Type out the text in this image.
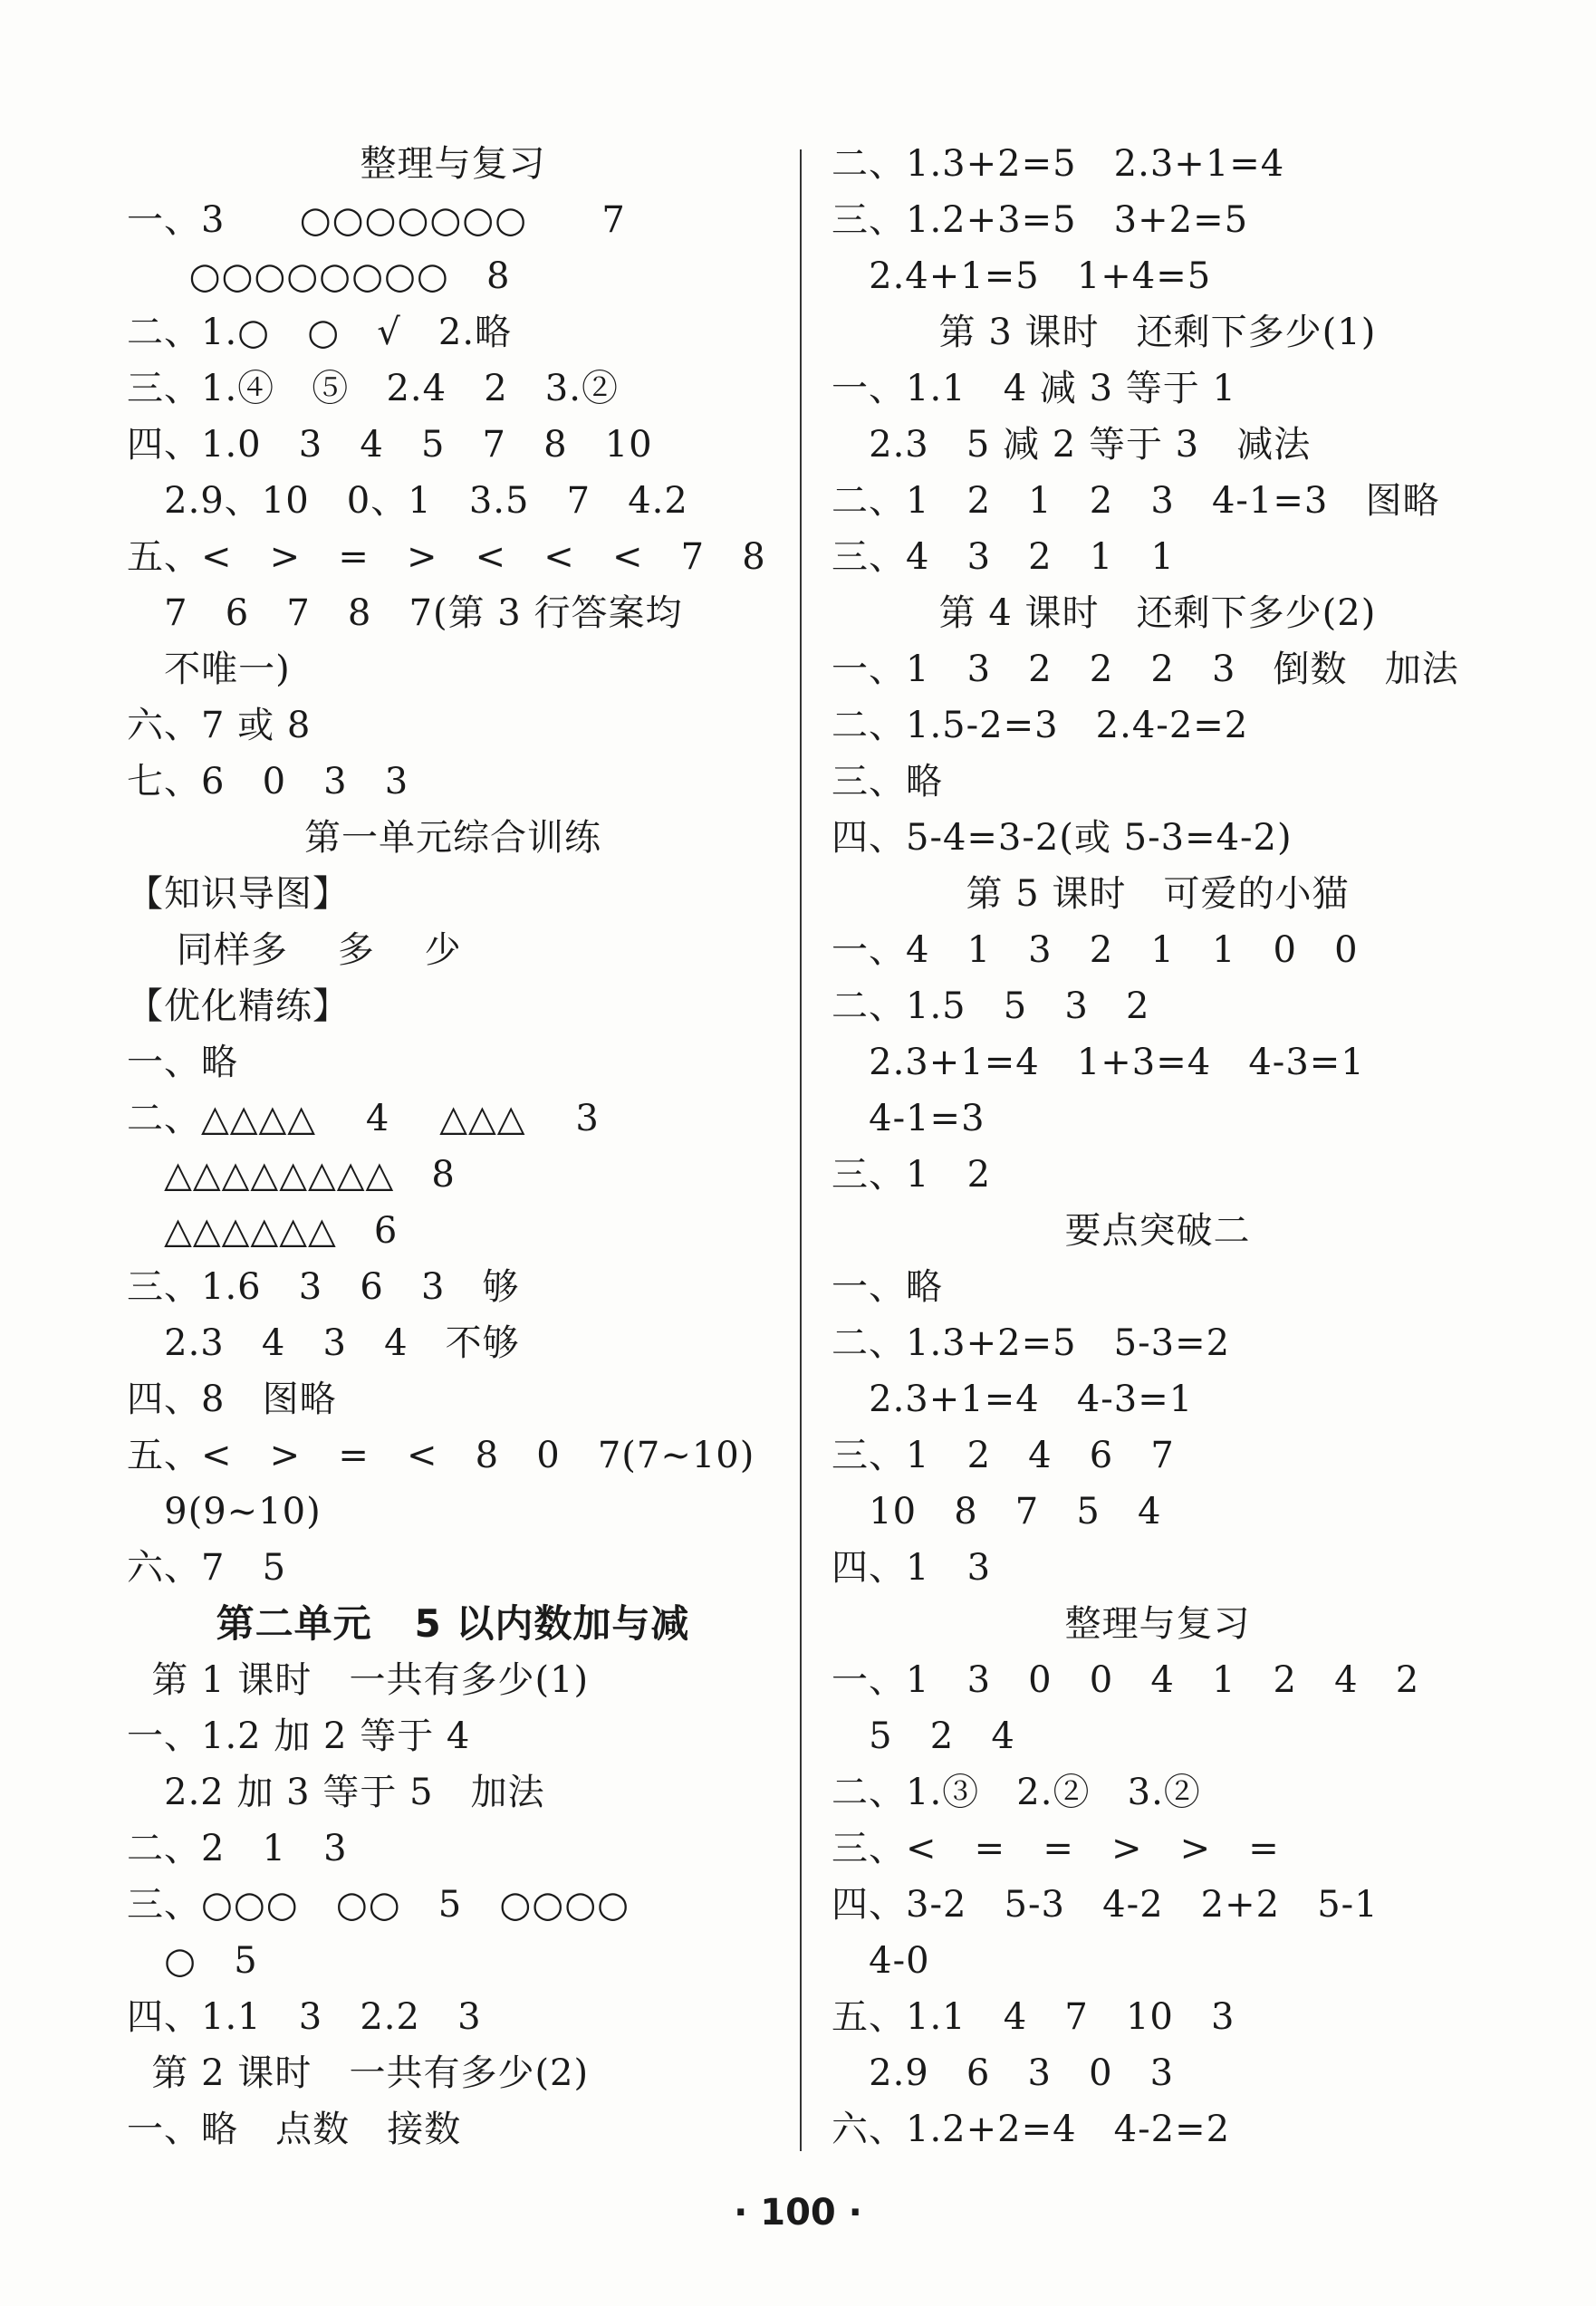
整理与复习
一、3      ○○○○○○○      7
○○○○○○○○   8
二、1.○   ○   √   2.略
三、1.④   ⑤   2.4   2   3.②
四、1.0   3   4   5   7   8   10
2.9、10   0、1   3.5   7   4.2
五、<   >   =   >   <   <   <   7   8
7   6   7   8   7(第 3 行答案均
不唯一)
六、7 或 8
七、6   0   3   3
第一单元综合训练
【知识导图】
同样多    多    少
【优化精练】
一、略
二、△△△△    4    △△△    3
△△△△△△△△   8
△△△△△△   6
三、1.6   3   6   3   够
2.3   4   3   4   不够
四、8   图略
五、<   >   =   <   8   0   7(7~10)
9(9~10)
六、7   5
第二单元   5 以内数加与减
第 1 课时   一共有多少(1)
一、1.2 加 2 等于 4
2.2 加 3 等于 5   加法
二、2   1   3
三、○○○   ○○   5   ○○○○
○   5
四、1.1   3   2.2   3
第 2 课时   一共有多少(2)
一、略   点数   接数
二、1.3+2=5   2.3+1=4
三、1.2+3=5   3+2=5
2.4+1=5   1+4=5
第 3 课时   还剩下多少(1)
一、1.1   4 减 3 等于 1
2.3   5 减 2 等于 3   减法
二、1   2   1   2   3   4-1=3   图略
三、4   3   2   1   1
第 4 课时   还剩下多少(2)
一、1   3   2   2   2   3   倒数   加法
二、1.5-2=3   2.4-2=2
三、略
四、5-4=3-2(或 5-3=4-2)
第 5 课时   可爱的小猫
一、4   1   3   2   1   1   0   0
二、1.5   5   3   2
2.3+1=4   1+3=4   4-3=1
4-1=3
三、1   2
要点突破二
一、略
二、1.3+2=5   5-3=2
2.3+1=4   4-3=1
三、1   2   4   6   7
10   8   7   5   4
四、1   3
整理与复习
一、1   3   0   0   4   1   2   4   2
5   2   4
二、1.③   2.②   3.②
三、<   =   =   >   >   =
四、3-2   5-3   4-2   2+2   5-1
4-0
五、1.1   4   7   10   3
2.9   6   3   0   3
六、1.2+2=4   4-2=2
· 100 ·
